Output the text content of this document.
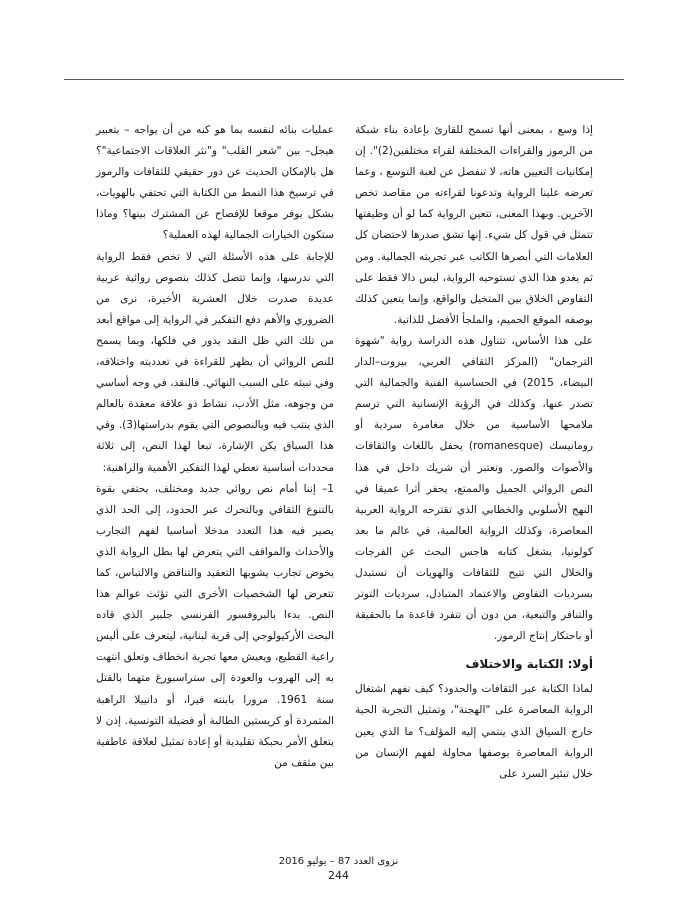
إذا وسع ، بمعنى أنها تسمح للقارئ بإعادة بناء شبكة من الرموز والقراءات المختلفة لقراء مختلفين(2)". إن إمكانيات التعيين هاته، لا تنفصل عن لعبة التوسع ، وعما تعرضه علينا الرواية وتدعونا لقراءته من مقاصد تخص الآخرين. وبهذا المعنى، تتعين الرواية كما لو أن وظيفتها تتمثل في قول كل شيء. إنها تشق صدرها لاحتضان كل العلامات التي أبصرها الكاتب عبر تجربته الجمالية. ومن ثم يغدو هذا الذي تستوحيه الرواية، ليس دالا فقط على التفاوض الخلاق بين المتخيل والواقع، وإنما يتعين كذلك بوصفه الموقع الحميم، والملجأ الأفضل للذاتية.

على هذا الأساس، تتناول هذه الدراسة رواية "شهوة الترجمان" (المركز الثقافي العربي، بيروت–الدار البيضاء، 2015) في الحساسية الفنية والجمالية التي تصدر عنها، وكذلك في الرؤية الإنسانية التي ترسم ملامحها الأساسية من خلال مغامرة سردية أو رومانيسك (romanesque) يحفل باللغات والثقافات والأصوات والصور. ونعتبر أن شريك داخل في هذا النص الروائي الجميل والممتع، يحفر أثرا عميقا في النهج الأسلوبي والخطابي الذي تقترحه الرواية العربية المعاصرة، وكذلك الرواية العالمية، في عالم ما بعد كولونيا، يشغل كتابه هاجس البحث عن الفرجات والخلال التي تتيح للثقافات والهويات أن تستبدل بسرديات التفاوض والاعتماد المتبادل، سرديات التوتر والتنافر والتبعية، من دون أن تتفرد قاعدة ما بالحقيقة أو باحتكار إنتاج الرموز.

أولا: الكتابة والاختلاف

لماذا الكتابة عبر الثقافات والحدود؟ كيف نفهم اشتغال الرواية المعاصرة على "الهجنة"، وتمثيل التجربة الحية خارج السياق الذي ينتمي إليه المؤلف؟ ما الذي يعين الرواية المعاصرة بوصفها محاولة لفهم الإنسان من خلال تبئير السرد على

عمليات بنائه لنفسه بما هو كنه من أن يواجه – بتعبير هيجل– بين "شعر القلب" و"نثر العلاقات الاجتماعية"؟ هل بالإمكان الحديث عن دور حقيقي للثقافات والرموز في ترسيخ هذا النمط من الكتابة التي تحتفي بالهويات، بشكل يوفر موقعا للإفصاح عن المشترك بينها؟ وماذا ستكون الخيارات الجمالية لهذه العملية؟

للإجابة على هذه الأسئلة التي لا تخص فقط الرواية التي ندرسها، وإنما تتصل كذلك بنصوص روائية عربية عديدة صدرت خلال العشرية الأخيرة، نرى من الضروري والأهم دفع التفكير في الرواية إلى مواقع أبعد من تلك التي ظل النقد يدور في فلكها، وبما يسمح للنص الروائي أن يظهر للقراءة في تعدديته واختلافه، وفي تبيئه على السبب النهائي. فالنقد، في وجه أساسي من وجوهه، مثل الأدب، نشاط ذو علاقة معقدة بالعالم الذي ينتب فيه وبالنصوص التي يقوم بدراستها(3). وفي هذا السياق يكن الإشارة، تبعا لهذا النص، إلى ثلاثة محددات أساسية تعطي لهذا التفكير الأهمية والراهنية:

1– إننا أمام نص روائي جديد ومختلف، يحتفي بقوة بالتنوع الثقافي وبالتحرك عبر الحدود، إلى الحد الذي يصير فيه هذا التعدد مدخلا أساسيا لفهم التجارب والأحداث والمواقف التي يتعرض لها بطل الرواية الذي يخوض تجارب يشوبها التعقيد والتناقض والالتباس، كما تتعرض لها الشخصيات الأخرى التي تؤثث عوالم هذا النص. بدءا بالبروفسور الفرنسي جلبير الذي قاده البحث الأركيولوجي إلى قرية لبنانية، ليتعرف على أليس راعية القطيع، ويعيش معها تجربة انخطاف وتعلق انتهت به إلى الهروب والعودة إلى ستراسبورغ متهما بالقتل سنة 1961. مرورا بابنته فيرا، أو دانييلا الراهبة المتمردة أو كريستين الطالبة أو فضيلة التونسية. إذن لا يتعلق الأمر بحبكة تقليدية أو إعادة تمثيل لعلاقة عاطفية بين مثقف من

نزوى العدد 87 – يوليو 2016
244
